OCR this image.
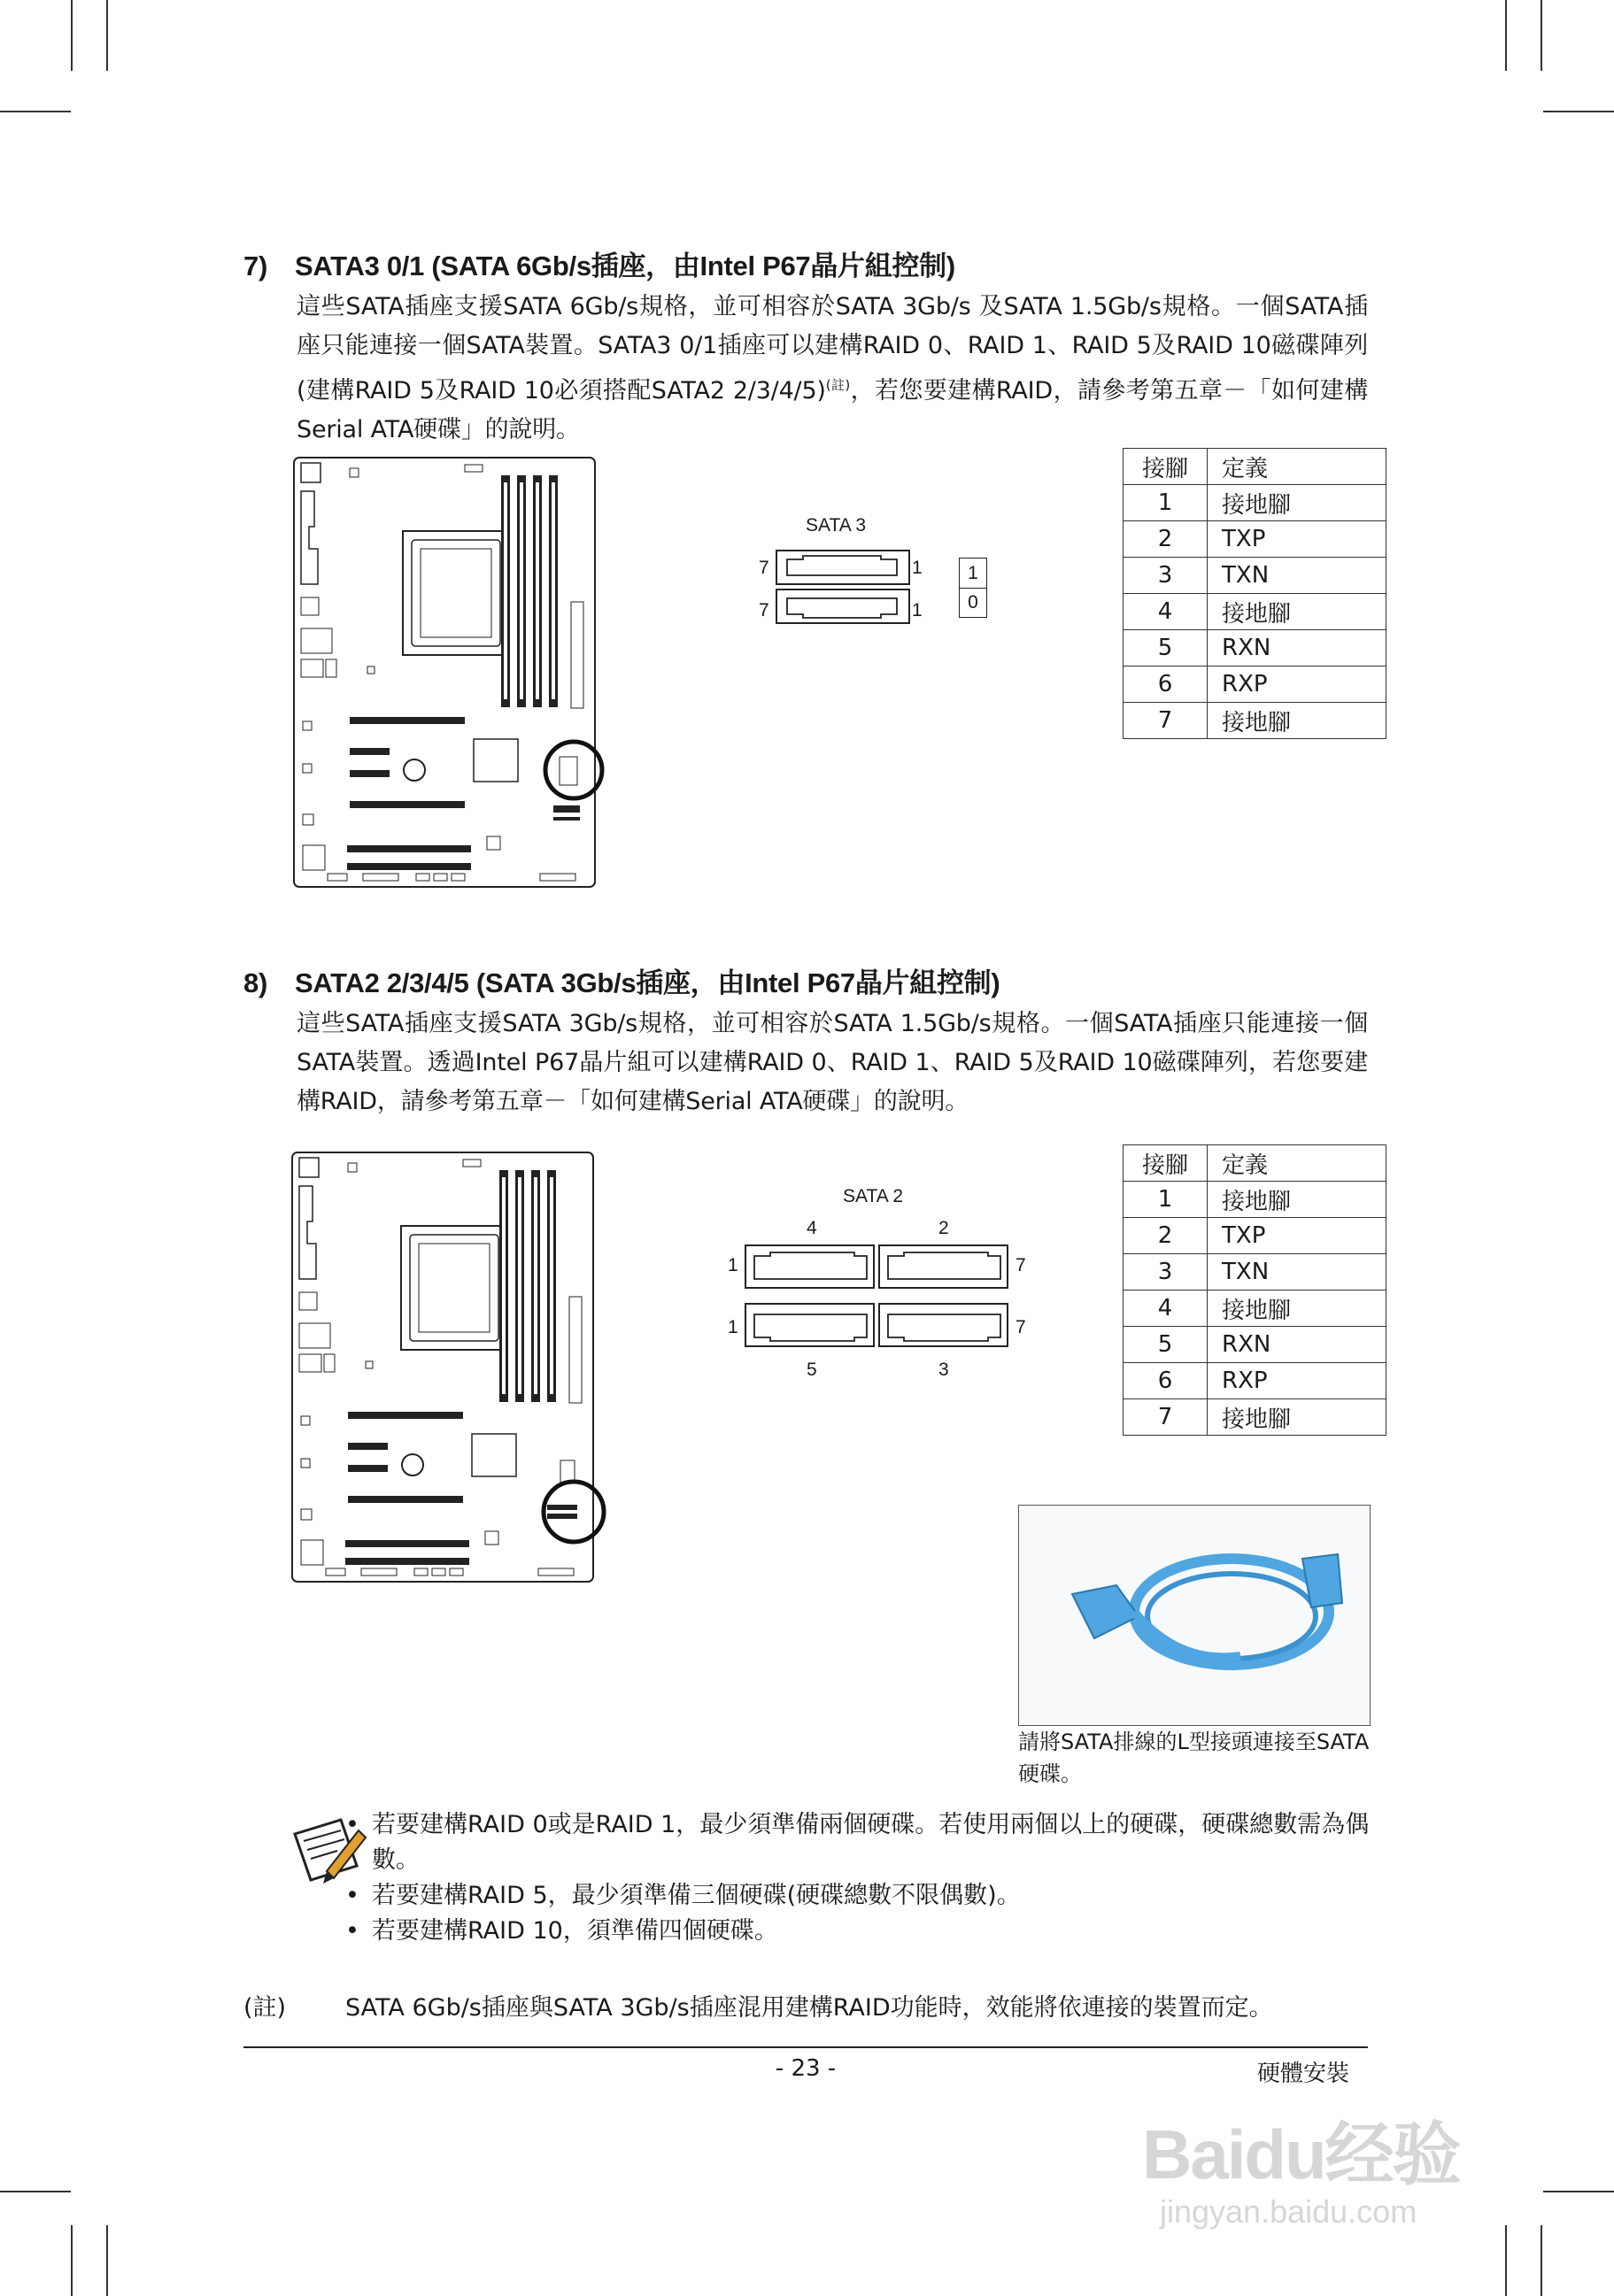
7) SATA3 0/1 (SATA 6Gb/s插座，由Intel P67晶片組控制)
這些SATA插座支援SATA 6Gb/s規格，並可相容於SATA 3Gb/s 及SATA 1.5Gb/s規格。一個SATA插座只能連接一個SATA裝置。SATA3 0/1插座可以建構RAID 0、RAID 1、RAID 5及RAID 10磁碟陣列(建構RAID 5及RAID 10必須搭配SATA2 2/3/4/5)$^{(註)}$，若您要建構RAID，請參考第五章－「如何建構Serial ATA硬碟」的說明。
SATA 3
7
7
1
1
1
0
接腳	定義
1	接地腳
2	TXP
3	TXN
4	接地腳
5	RXN
6	RXP
7	接地腳
8) SATA2 2/3/4/5 (SATA 3Gb/s插座，由Intel P67晶片組控制)
這些SATA插座支援SATA 3Gb/s規格，並可相容於SATA 1.5Gb/s規格。一個SATA插座只能連接一個SATA裝置。透過Intel P67晶片組可以建構RAID 0、RAID 1、RAID 5及RAID 10磁碟陣列，若您要建構RAID，請參考第五章－「如何建構Serial ATA硬碟」的說明。
SATA 2
4	2
5	3
1
1
7
7
接腳	定義
1	接地腳
2	TXP
3	TXN
4	接地腳
5	RXN
6	RXP
7	接地腳
請將SATA排線的L型接頭連接至SATA硬碟。
• 若要建構RAID 0或是RAID 1，最少須準備兩個硬碟。若使用兩個以上的硬碟，硬碟總數需為偶數。
• 若要建構RAID 5，最少須準備三個硬碟(硬碟總數不限偶數)。
• 若要建構RAID 10，須準備四個硬碟。
(註) SATA 6Gb/s插座與SATA 3Gb/s插座混用建構RAID功能時，效能將依連接的裝置而定。
- 23 -	硬體安裝
Baidu经验
jingyan.baidu.com
